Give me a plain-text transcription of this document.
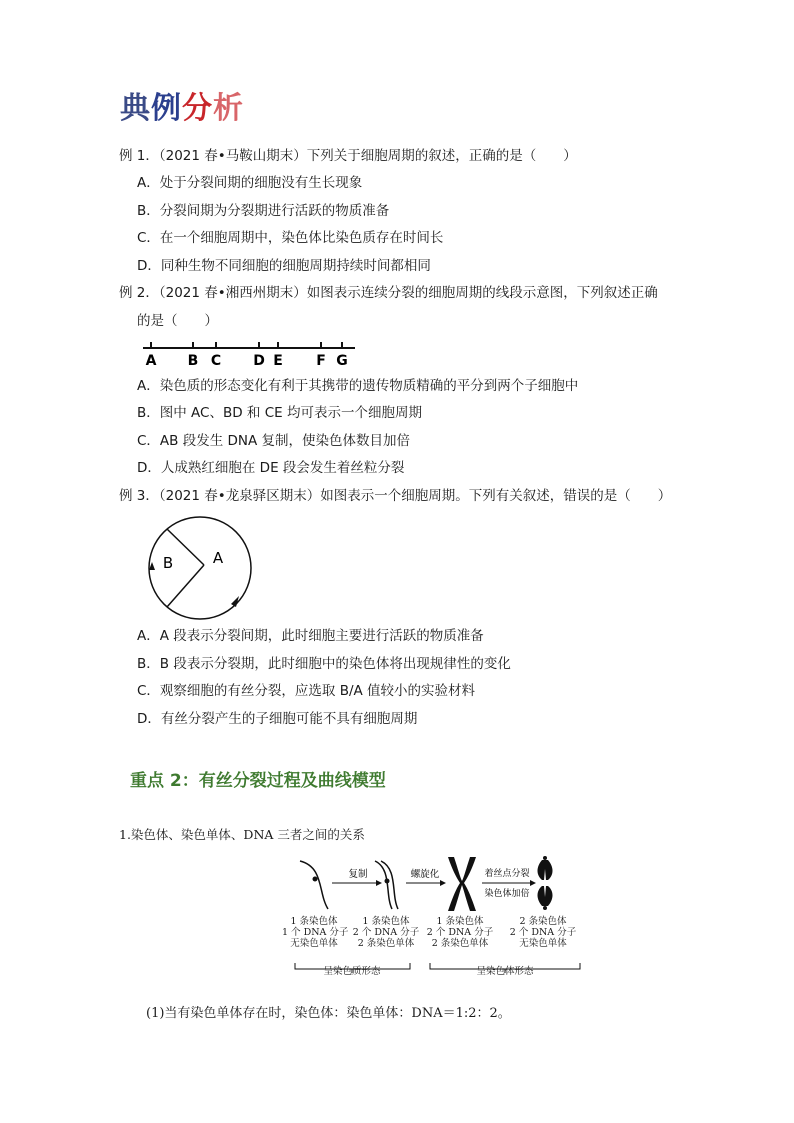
典例分析
例 1．（2021 春•马鞍山期末）下列关于细胞周期的叙述，正确的是（　　）
A．处于分裂间期的细胞没有生长现象
B．分裂间期为分裂期进行活跃的物质准备
C．在一个细胞周期中，染色体比染色质存在时间长
D．同种生物不同细胞的细胞周期持续时间都相同
例 2．（2021 春•湘西州期末）如图表示连续分裂的细胞周期的线段示意图，下列叙述正确
的是（　　）
A B C D E F G
A．染色质的形态变化有利于其携带的遗传物质精确的平分到两个子细胞中
B．图中 AC、BD 和 CE 均可表示一个细胞周期
C．AB 段发生 DNA 复制，使染色体数目加倍
D．人成熟红细胞在 DE 段会发生着丝粒分裂
例 3．（2021 春•龙泉驿区期末）如图表示一个细胞周期。下列有关叙述，错误的是（　　）
B	A
A．A 段表示分裂间期，此时细胞主要进行活跃的物质准备
B．B 段表示分裂期，此时细胞中的染色体将出现规律性的变化
C．观察细胞的有丝分裂，应选取 B/A 值较小的实验材料
D．有丝分裂产生的子细胞可能不具有细胞周期
重点 2：有丝分裂过程及曲线模型
1.染色体、染色单体、DNA 三者之间的关系
复制	螺旋化	着丝点分裂
染色体加倍
1 条染色体
1 个 DNA 分子
无染色单体
1 条染色体
2 个 DNA 分子
2 条染色单体
1 条染色体
2 个 DNA 分子
2 条染色单体
2 条染色体
2 个 DNA 分子
无染色单体
呈染色质形态	呈染色体形态
(1)当有染色单体存在时，染色体：染色单体：DNA＝1:2：2。
